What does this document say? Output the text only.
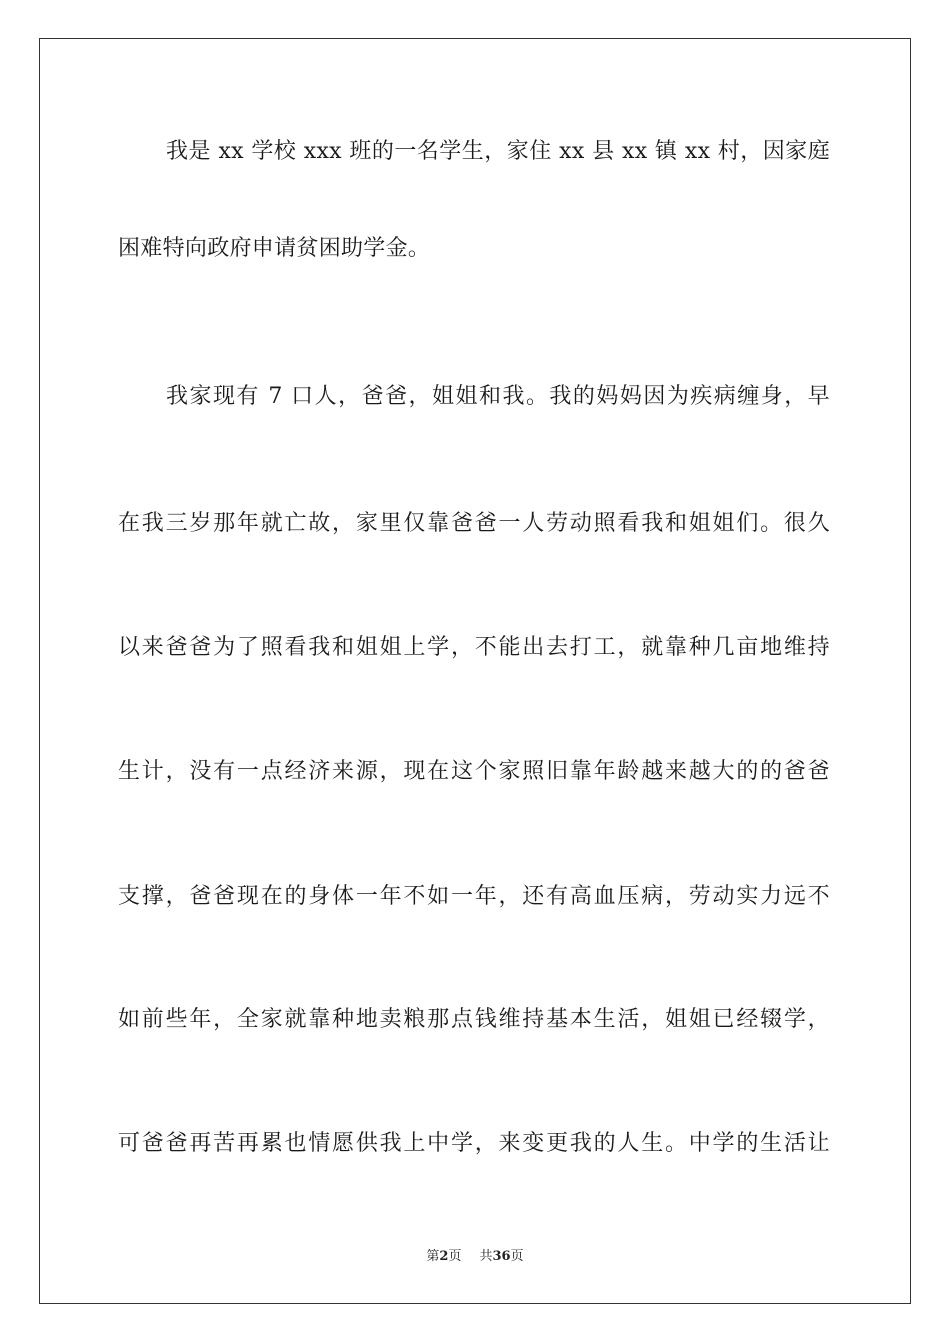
我是 xx 学校 xxx 班的一名学生，家住 xx 县 xx 镇 xx 村，因家庭
困难特向政府申请贫困助学金。
我家现有 7 口人，爸爸，姐姐和我。我的妈妈因为疾病缠身，早
在我三岁那年就亡故，家里仅靠爸爸一人劳动照看我和姐姐们。很久
以来爸爸为了照看我和姐姐上学，不能出去打工，就靠种几亩地维持
生计，没有一点经济来源，现在这个家照旧靠年龄越来越大的的爸爸
支撑，爸爸现在的身体一年不如一年，还有高血压病，劳动实力远不
如前些年，全家就靠种地卖粮那点钱维持基本生活，姐姐已经辍学，
可爸爸再苦再累也情愿供我上中学，来变更我的人生。中学的生活让
第2页 共36页
